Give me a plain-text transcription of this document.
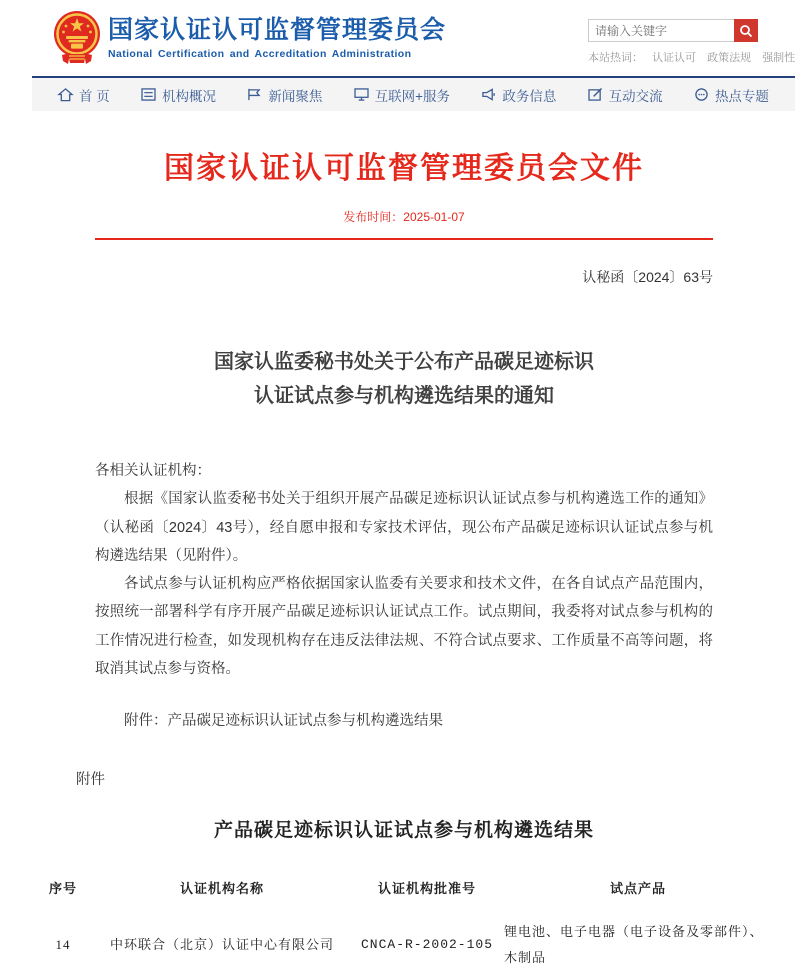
国家认证认可监督管理委员会
National Certification and Accreditation Administration
请输入关键字	本站热词： 认证认可 政策法规 强制性
首 页	机构概况	新闻聚焦	互联网+服务	政务信息	互动交流	热点专题
国家认证认可监督管理委员会文件
发布时间：2025-01-07
认秘函〔2024〕63号
国家认监委秘书处关于公布产品碳足迹标识
认证试点参与机构遴选结果的通知

各相关认证机构：

根据《国家认监委秘书处关于组织开展产品碳足迹标识认证试点参与机构遴选工作的通知》（认秘函〔2024〕43号），经自愿申报和专家技术评估，现公布产品碳足迹标识认证试点参与机构遴选结果（见附件）。

各试点参与认证机构应严格依据国家认监委有关要求和技术文件，在各自试点产品范围内，按照统一部署科学有序开展产品碳足迹标识认证试点工作。试点期间，我委将对试点参与机构的工作情况进行检查，如发现机构存在违反法律法规、不符合试点要求、工作质量不高等问题，将取消其试点参与资格。

附件：产品碳足迹标识认证试点参与机构遴选结果
附件
产品碳足迹标识认证试点参与机构遴选结果
序号	认证机构名称	认证机构批准号	试点产品
14	中环联合（北京）认证中心有限公司	CNCA-R-2002-105	锂电池、电子电器（电子设备及零部件）、木制品
